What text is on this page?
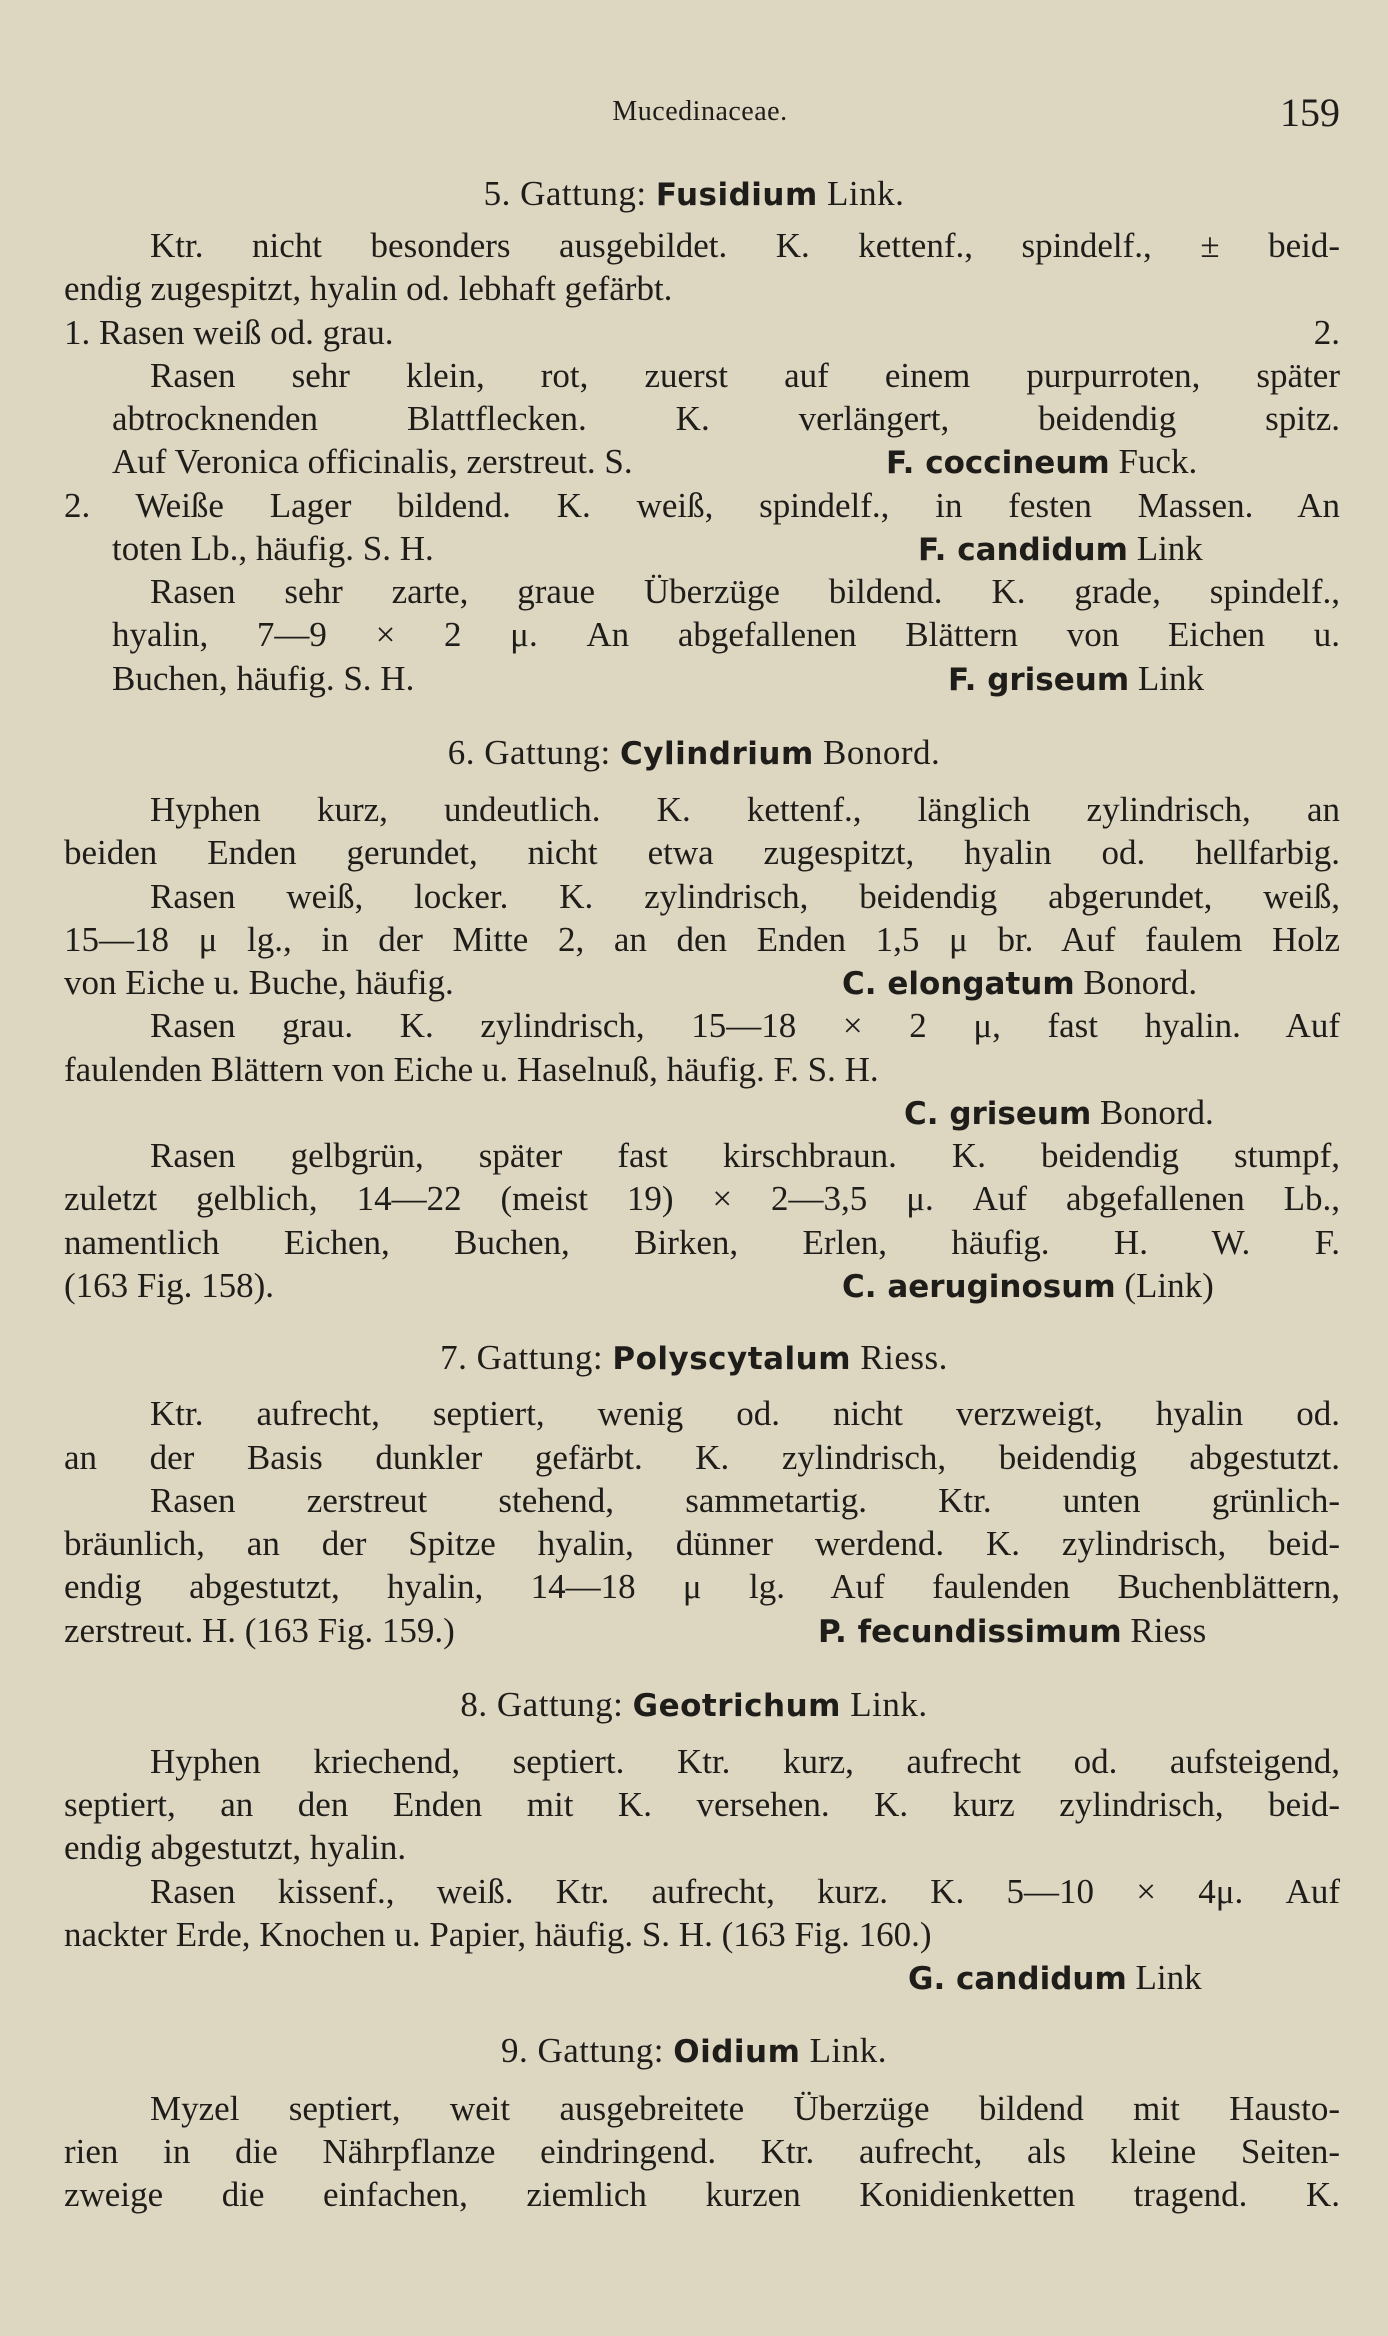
Mucedinaceae.	159
5. Gattung: Fusidium Link.
Ktr. nicht besonders ausgebildet. K. kettenf., spindelf., ± beid-
endig zugespitzt, hyalin od. lebhaft gefärbt.
1. Rasen weiß od. grau.	2.
Rasen sehr klein, rot, zuerst auf einem purpurroten, später
abtrocknenden Blattflecken. K. verlängert, beidendig spitz.
Auf Veronica officinalis, zerstreut. S.	F. coccineum Fuck.
2. Weiße Lager bildend. K. weiß, spindelf., in festen Massen. An
toten Lb., häufig. S. H.	F. candidum Link
Rasen sehr zarte, graue Überzüge bildend. K. grade, spindelf.,
hyalin, 7—9 × 2 μ. An abgefallenen Blättern von Eichen u.
Buchen, häufig. S. H.	F. griseum Link
6. Gattung: Cylindrium Bonord.
Hyphen kurz, undeutlich. K. kettenf., länglich zylindrisch, an
beiden Enden gerundet, nicht etwa zugespitzt, hyalin od. hellfarbig.
Rasen weiß, locker. K. zylindrisch, beidendig abgerundet, weiß,
15—18 μ lg., in der Mitte 2, an den Enden 1,5 μ br. Auf faulem Holz
von Eiche u. Buche, häufig.	C. elongatum Bonord.
Rasen grau. K. zylindrisch, 15—18 × 2 μ, fast hyalin. Auf
faulenden Blättern von Eiche u. Haselnuß, häufig. F. S. H.
C. griseum Bonord.
Rasen gelbgrün, später fast kirschbraun. K. beidendig stumpf,
zuletzt gelblich, 14—22 (meist 19) × 2—3,5 μ. Auf abgefallenen Lb.,
namentlich Eichen, Buchen, Birken, Erlen, häufig. H. W. F.
(163 Fig. 158).	C. aeruginosum (Link)
7. Gattung: Polyscytalum Riess.
Ktr. aufrecht, septiert, wenig od. nicht verzweigt, hyalin od.
an der Basis dunkler gefärbt. K. zylindrisch, beidendig abgestutzt.
Rasen zerstreut stehend, sammetartig. Ktr. unten grünlich-
bräunlich, an der Spitze hyalin, dünner werdend. K. zylindrisch, beid-
endig abgestutzt, hyalin, 14—18 μ lg. Auf faulenden Buchenblättern,
zerstreut. H. (163 Fig. 159.)	P. fecundissimum Riess
8. Gattung: Geotrichum Link.
Hyphen kriechend, septiert. Ktr. kurz, aufrecht od. aufsteigend,
septiert, an den Enden mit K. versehen. K. kurz zylindrisch, beid-
endig abgestutzt, hyalin.
Rasen kissenf., weiß. Ktr. aufrecht, kurz. K. 5—10 × 4μ. Auf
nackter Erde, Knochen u. Papier, häufig. S. H. (163 Fig. 160.)
G. candidum Link
9. Gattung: Oidium Link.
Myzel septiert, weit ausgebreitete Überzüge bildend mit Hausto-
rien in die Nährpflanze eindringend. Ktr. aufrecht, als kleine Seiten-
zweige die einfachen, ziemlich kurzen Konidienketten tragend. K.
